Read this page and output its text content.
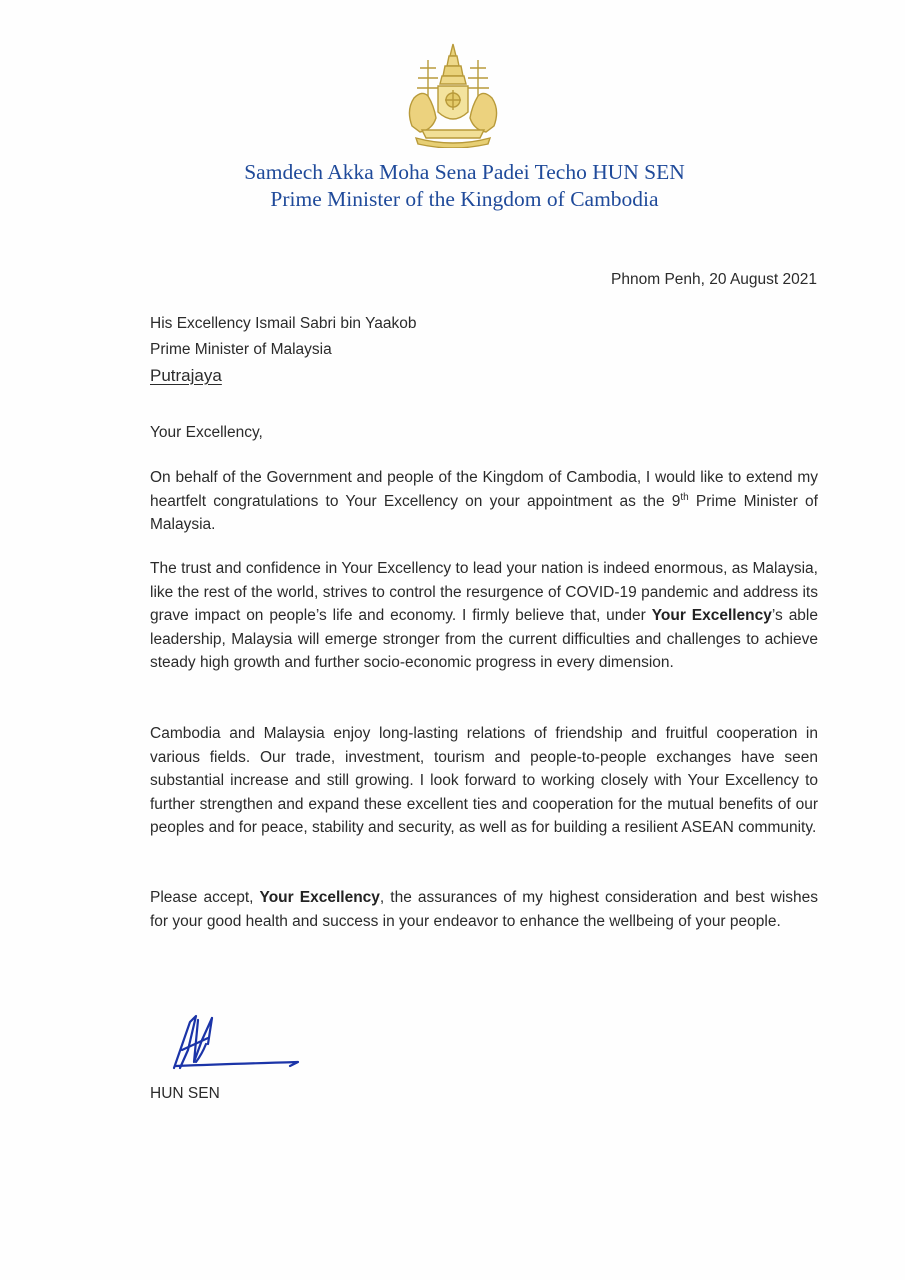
Samdech Akka Moha Sena Padei Techo HUN SEN
Prime Minister of the Kingdom of Cambodia
Phnom Penh, 20 August 2021
His Excellency Ismail Sabri bin Yaakob
Prime Minister of Malaysia
Putrajaya
Your Excellency,

On behalf of the Government and people of the Kingdom of Cambodia, I would like to extend my heartfelt congratulations to Your Excellency on your appointment as the 9th Prime Minister of Malaysia.

The trust and confidence in Your Excellency to lead your nation is indeed enormous, as Malaysia, like the rest of the world, strives to control the resurgence of COVID-19 pandemic and address its grave impact on people’s life and economy. I firmly believe that, under Your Excellency’s able leadership, Malaysia will emerge stronger from the current difficulties and challenges to achieve steady high growth and further socio-economic progress in every dimension.

Cambodia and Malaysia enjoy long-lasting relations of friendship and fruitful cooperation in various fields. Our trade, investment, tourism and people-to-people exchanges have seen substantial increase and still growing. I look forward to working closely with Your Excellency to further strengthen and expand these excellent ties and cooperation for the mutual benefits of our peoples and for peace, stability and security, as well as for building a resilient ASEAN community.

Please accept, Your Excellency, the assurances of my highest consideration and best wishes for your good health and success in your endeavor to enhance the wellbeing of your people.

HUN SEN
